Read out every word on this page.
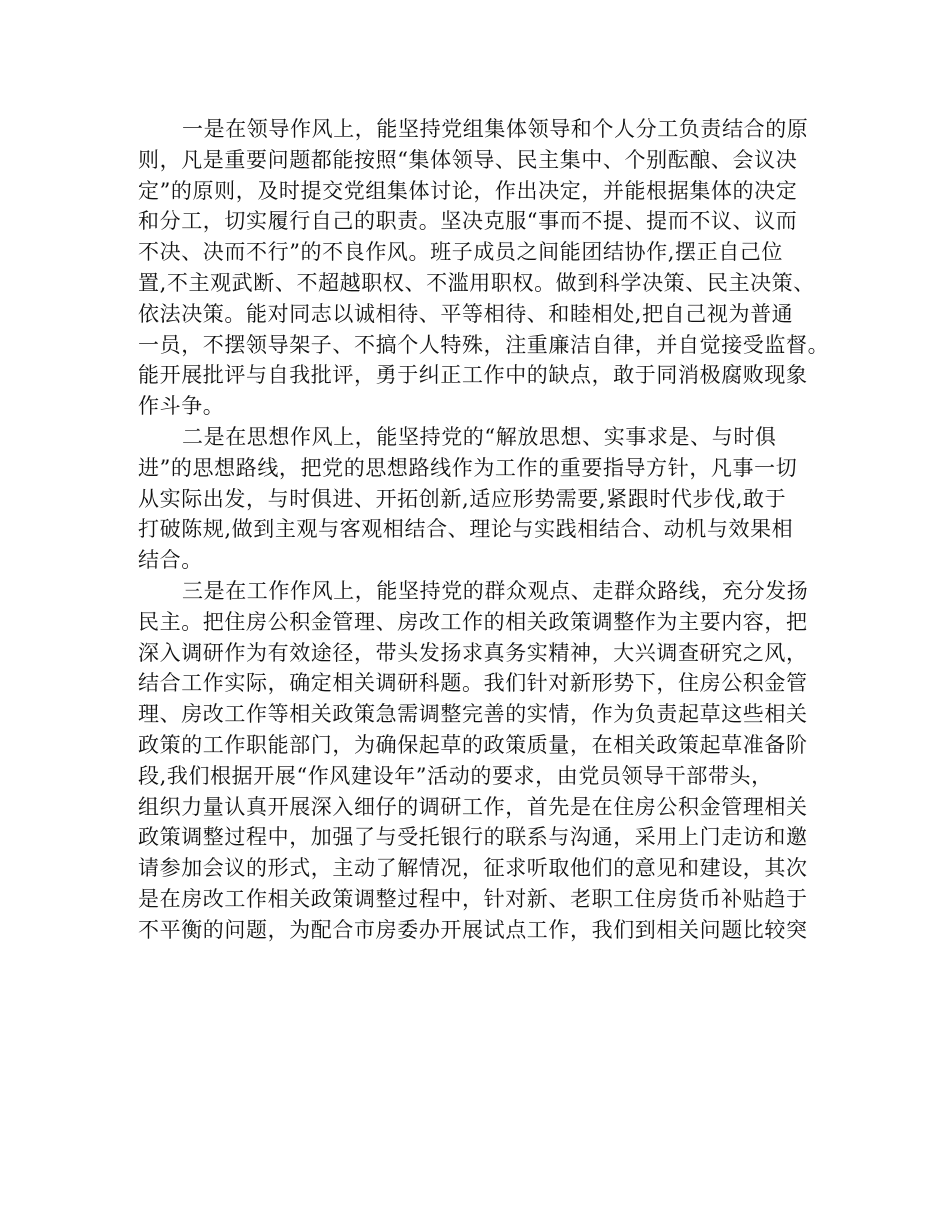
一是在领导作风上，能坚持党组集体领导和个人分工负责结合的原
则，凡是重要问题都能按照“集体领导、民主集中、个别酝酿、会议决
定”的原则，及时提交党组集体讨论，作出决定，并能根据集体的决定
和分工，切实履行自己的职责。坚决克服“事而不提、提而不议、议而
不决、决而不行”的不良作风。班子成员之间能团结协作,摆正自己位
置,不主观武断、不超越职权、不滥用职权。做到科学决策、民主决策、
依法决策。能对同志以诚相待、平等相待、和睦相处,把自己视为普通
一员，不摆领导架子、不搞个人特殊，注重廉洁自律，并自觉接受监督。
能开展批评与自我批评，勇于纠正工作中的缺点，敢于同消极腐败现象
作斗争。
二是在思想作风上，能坚持党的“解放思想、实事求是、与时俱
进”的思想路线，把党的思想路线作为工作的重要指导方针，凡事一切
从实际出发，与时俱进、开拓创新,适应形势需要,紧跟时代步伐,敢于
打破陈规,做到主观与客观相结合、理论与实践相结合、动机与效果相
结合。
三是在工作作风上，能坚持党的群众观点、走群众路线，充分发扬
民主。把住房公积金管理、房改工作的相关政策调整作为主要内容，把
深入调研作为有效途径，带头发扬求真务实精神，大兴调查研究之风，
结合工作实际，确定相关调研科题。我们针对新形势下，住房公积金管
理、房改工作等相关政策急需调整完善的实情，作为负责起草这些相关
政策的工作职能部门，为确保起草的政策质量，在相关政策起草准备阶
段,我们根据开展“作风建设年”活动的要求，由党员领导干部带头，
组织力量认真开展深入细仔的调研工作，首先是在住房公积金管理相关
政策调整过程中，加强了与受托银行的联系与沟通，采用上门走访和邀
请参加会议的形式，主动了解情况，征求听取他们的意见和建设，其次
是在房改工作相关政策调整过程中，针对新、老职工住房货币补贴趋于
不平衡的问题，为配合市房委办开展试点工作，我们到相关问题比较突
